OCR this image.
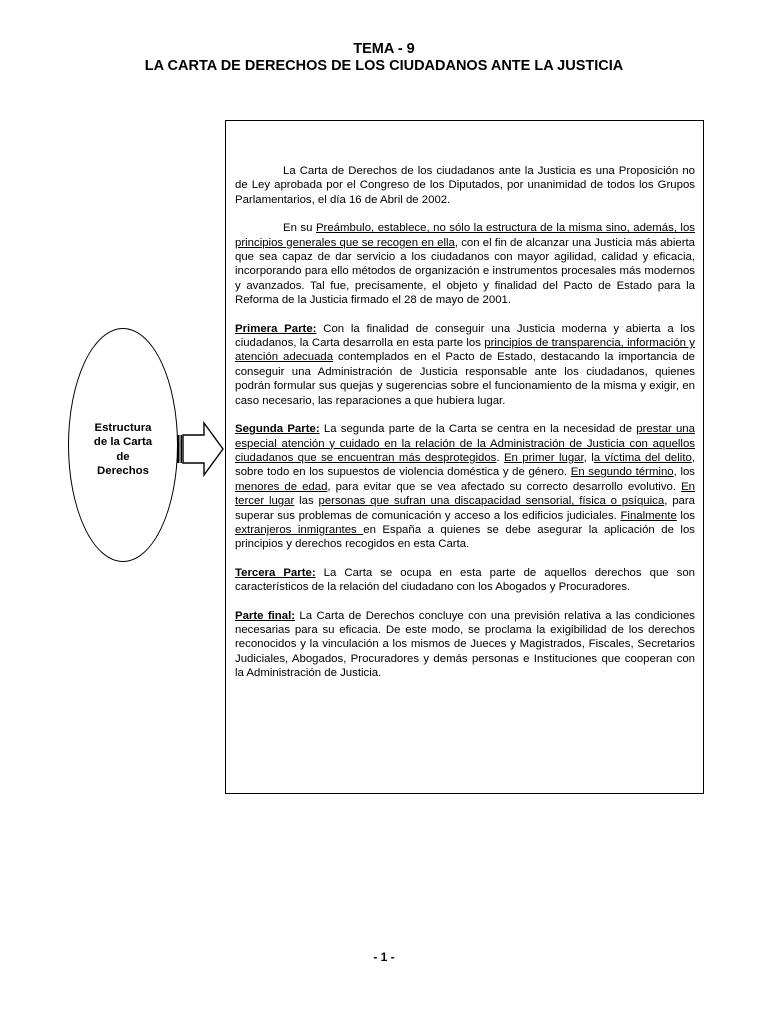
TEMA - 9
LA CARTA DE DERECHOS DE LOS CIUDADANOS ANTE LA JUSTICIA
Estructura
de la Carta
de
Derechos

La Carta de Derechos de los ciudadanos ante la Justicia es una Proposición no de Ley aprobada por el Congreso de los Diputados, por unanimidad de todos los Grupos Parlamentarios, el día 16 de Abril de 2002.

En su Preámbulo, establece, no sólo la estructura de la misma sino, además, los principios generales que se recogen en ella, con el fin de alcanzar una Justicia más abierta que sea capaz de dar servicio a los ciudadanos con mayor agilidad, calidad y eficacia, incorporando para ello métodos de organización e instrumentos procesales más modernos y avanzados. Tal fue, precisamente, el objeto y finalidad del Pacto de Estado para la Reforma de la Justicia firmado el 28 de mayo de 2001.

Primera Parte: Con la finalidad de conseguir una Justicia moderna y abierta a los ciudadanos, la Carta desarrolla en esta parte los principios de transparencia, información y atención adecuada contemplados en el Pacto de Estado, destacando la importancia de conseguir una Administración de Justicia responsable ante los ciudadanos, quienes podrán formular sus quejas y sugerencias sobre el funcionamiento de la misma y exigir, en caso necesario, las reparaciones a que hubiera lugar.

Segunda Parte: La segunda parte de la Carta se centra en la necesidad de prestar una especial atención y cuidado en la relación de la Administración de Justicia con aquellos ciudadanos que se encuentran más desprotegidos. En primer lugar, la víctima del delito, sobre todo en los supuestos de violencia doméstica y de género. En segundo término, los menores de edad, para evitar que se vea afectado su correcto desarrollo evolutivo. En tercer lugar las personas que sufran una discapacidad sensorial, física o psíquica, para superar sus problemas de comunicación y acceso a los edificios judiciales. Finalmente los extranjeros inmigrantes en España a quienes se debe asegurar la aplicación de los principios y derechos recogidos en esta Carta.

Tercera Parte: La Carta se ocupa en esta parte de aquellos derechos que son característicos de la relación del ciudadano con los Abogados y Procuradores.

Parte final: La Carta de Derechos concluye con una previsión relativa a las condiciones necesarias para su eficacia. De este modo, se proclama la exigibilidad de los derechos reconocidos y la vinculación a los mismos de Jueces y Magistrados, Fiscales, Secretarios Judiciales, Abogados, Procuradores y demás personas e Instituciones que cooperan con la Administración de Justicia.

- 1 -
